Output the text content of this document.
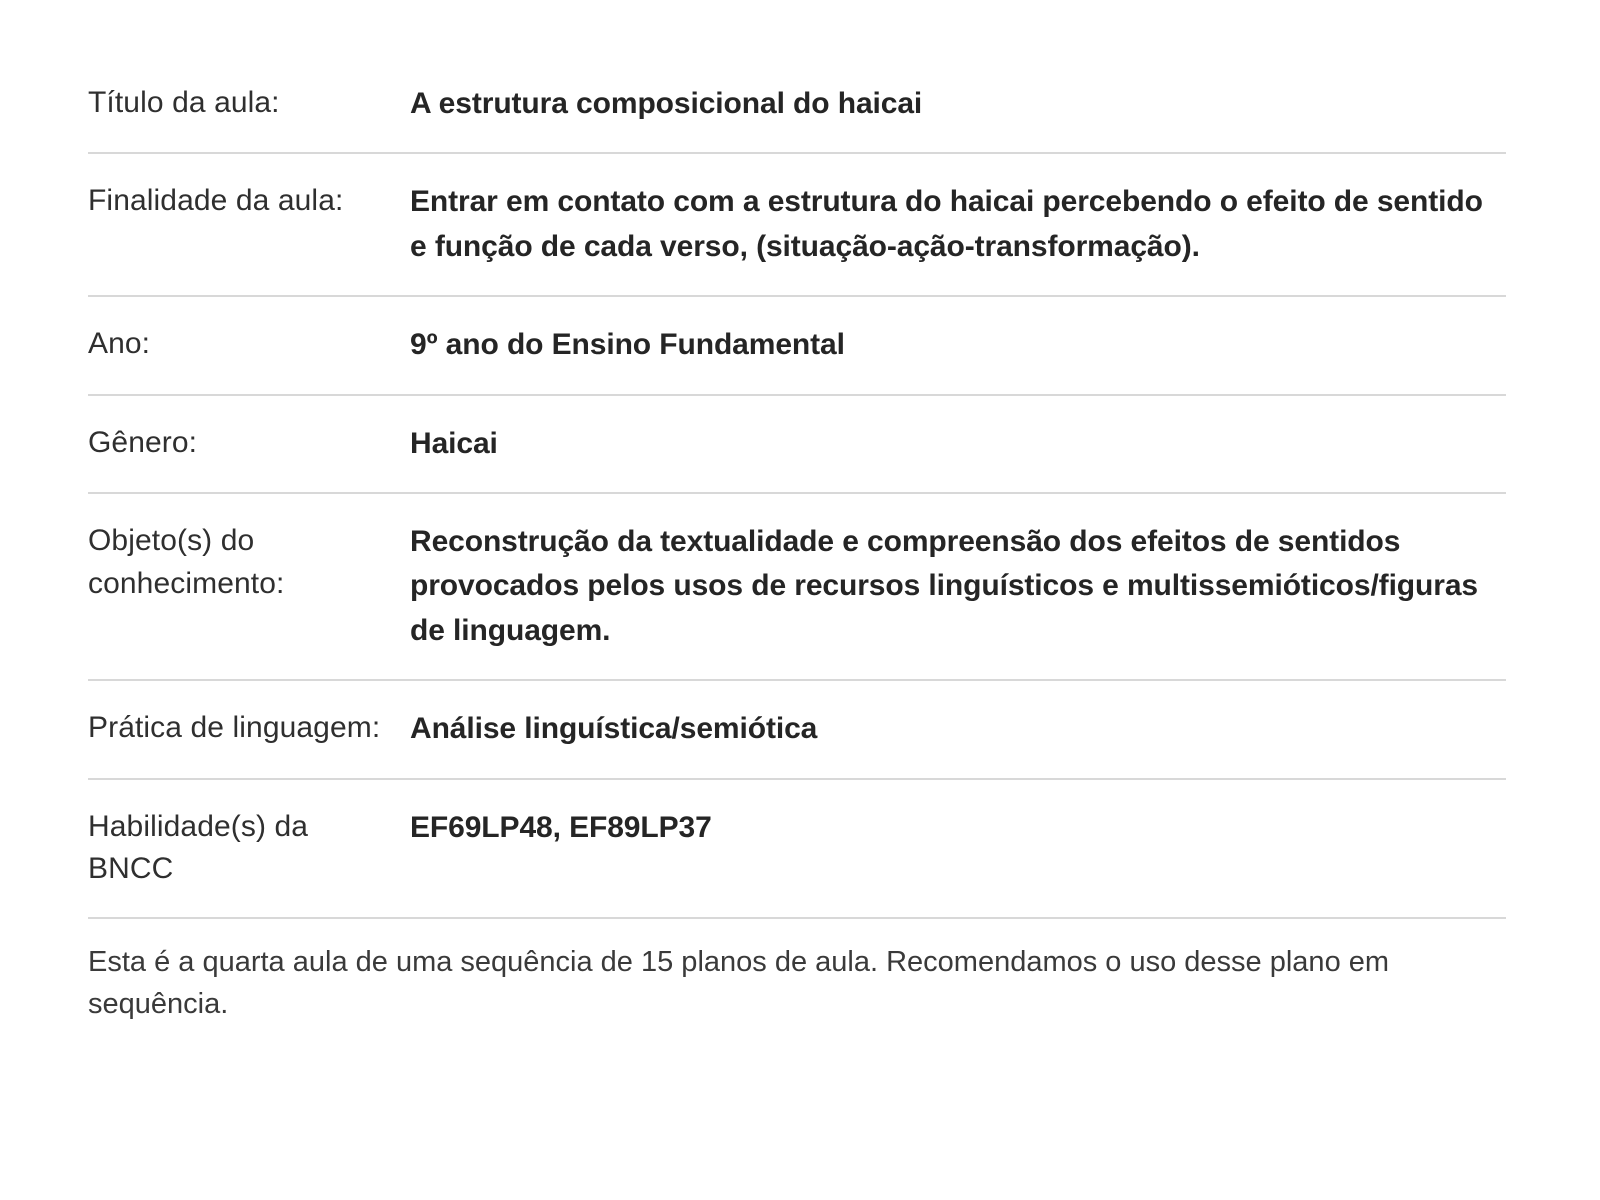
Título da aula:	A estrutura composicional do haicai
Finalidade da aula:	Entrar em contato com a estrutura do haicai percebendo o efeito de sentido e função de cada verso, (situação-ação-transformação).
Ano:	9º ano do Ensino Fundamental
Gênero:	Haicai
Objeto(s) do conhecimento:	Reconstrução da textualidade e compreensão dos efeitos de sentidos provocados pelos usos de recursos linguísticos e multissemióticos/figuras de linguagem.
Prática de linguagem:	Análise linguística/semiótica
Habilidade(s) da BNCC	EF69LP48, EF89LP37

Esta é a quarta aula de uma sequência de 15 planos de aula. Recomendamos o uso desse plano em sequência.	
